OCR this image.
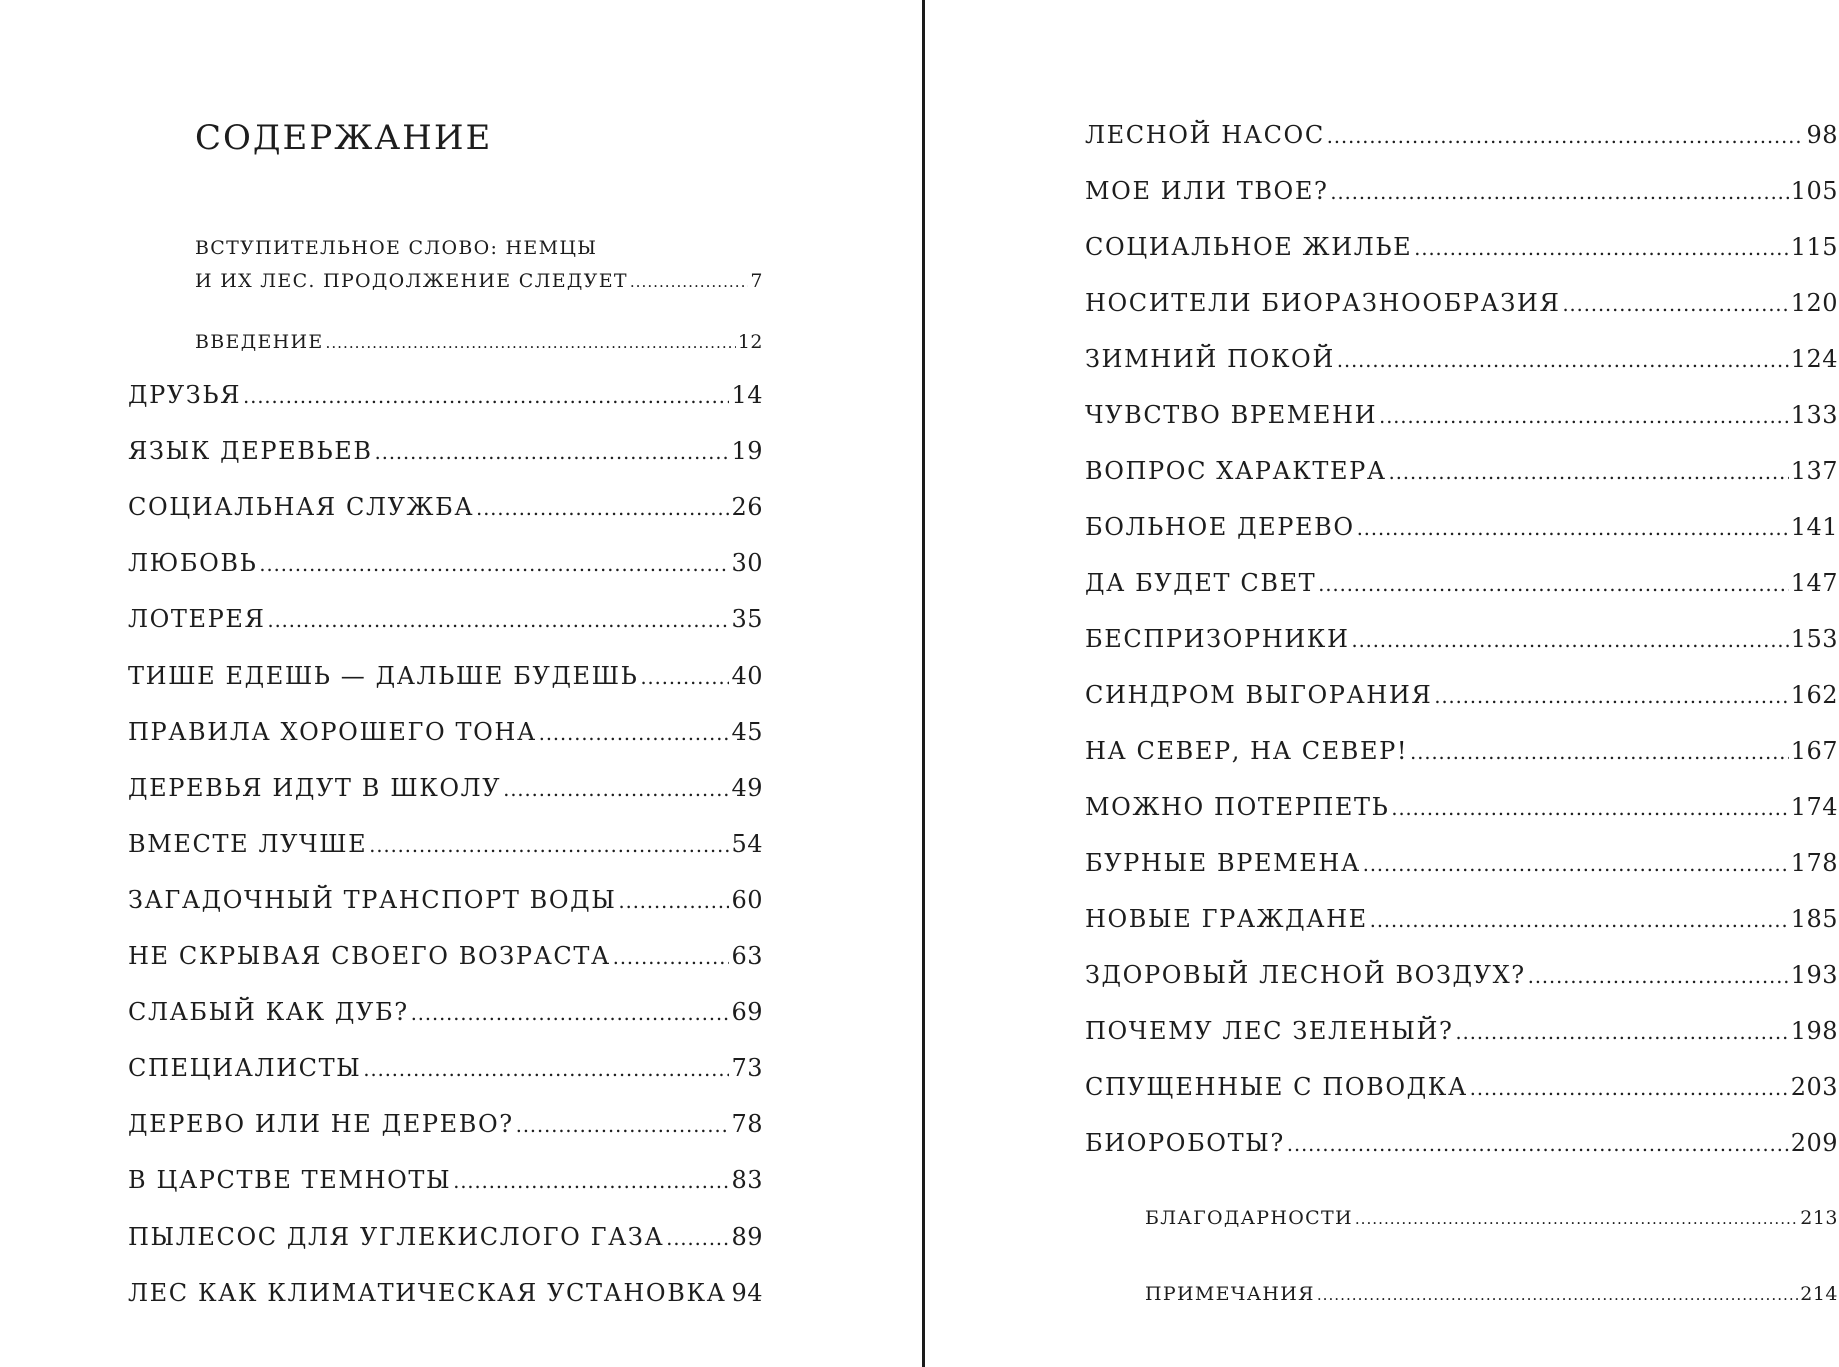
СОДЕРЖАНИЕ
ВСТУПИТЕЛЬНОЕ СЛОВО: НЕМЦЫ
И ИХ ЛЕС. ПРОДОЛЖЕНИЕ СЛЕДУЕТ .....	7
ВВЕДЕНИЕ .....	12
ДРУЗЬЯ .....	14
ЯЗЫК ДЕРЕВЬЕВ .....	19
СОЦИАЛЬНАЯ СЛУЖБА .....	26
ЛЮБОВЬ .....	30
ЛОТЕРЕЯ .....	35
ТИШЕ ЕДЕШЬ — ДАЛЬШЕ БУДЕШЬ .....	40
ПРАВИЛА ХОРОШЕГО ТОНА .....	45
ДЕРЕВЬЯ ИДУТ В ШКОЛУ .....	49
ВМЕСТЕ ЛУЧШЕ .....	54
ЗАГАДОЧНЫЙ ТРАНСПОРТ ВОДЫ .....	60
НЕ СКРЫВАЯ СВОЕГО ВОЗРАСТА .....	63
СЛАБЫЙ КАК ДУБ? .....	69
СПЕЦИАЛИСТЫ .....	73
ДЕРЕВО ИЛИ НЕ ДЕРЕВО? .....	78
В ЦАРСТВЕ ТЕМНОТЫ .....	83
ПЫЛЕСОС ДЛЯ УГЛЕКИСЛОГО ГАЗА .....	89
ЛЕС КАК КЛИМАТИЧЕСКАЯ УСТАНОВКА ..... 94
ЛЕСНОЙ НАСОС .....	98
МОЕ ИЛИ ТВОЕ? .....	105
СОЦИАЛЬНОЕ ЖИЛЬЕ .....	115
НОСИТЕЛИ БИОРАЗНООБРАЗИЯ .....	120
ЗИМНИЙ ПОКОЙ .....	124
ЧУВСТВО ВРЕМЕНИ .....	133
ВОПРОС ХАРАКТЕРА .....	137
БОЛЬНОЕ ДЕРЕВО .....	141
ДА БУДЕТ СВЕТ .....	147
БЕСПРИЗОРНИКИ .....	153
СИНДРОМ ВЫГОРАНИЯ .....	162
НА СЕВЕР, НА СЕВЕР! .....	167
МОЖНО ПОТЕРПЕТЬ .....	174
БУРНЫЕ ВРЕМЕНА .....	178
НОВЫЕ ГРАЖДАНЕ .....	185
ЗДОРОВЫЙ ЛЕСНОЙ ВОЗДУХ? .....	193
ПОЧЕМУ ЛЕС ЗЕЛЕНЫЙ? .....	198
СПУЩЕННЫЕ С ПОВОДКА .....	203
БИОРОБОТЫ? .....	209
БЛАГОДАРНОСТИ .....	213
ПРИМЕЧАНИЯ .....	214
